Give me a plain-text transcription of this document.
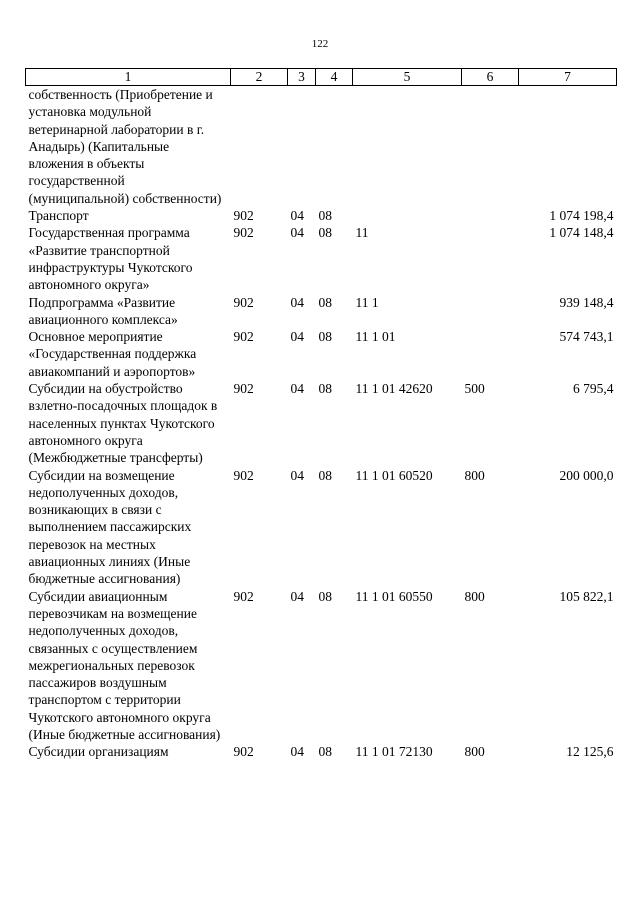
122
1	2	3	4	5	6	7
собственность (Приобретение и установка модульной ветеринарной лаборатории в г. Анадырь) (Капитальные вложения в объекты государственной (муниципальной) собственности)						
Транспорт	902	04	08			1 074 198,4
Государственная программа «Развитие транспортной инфраструктуры Чукотского автономного округа»	902	04	08	11		1 074 148,4
Подпрограмма «Развитие авиационного комплекса»	902	04	08	11 1		939 148,4
Основное мероприятие «Государственная поддержка авиакомпаний и аэропортов»	902	04	08	11 1 01		574 743,1
Субсидии на обустройство взлетно-посадочных площадок в населенных пунктах Чукотского автономного округа (Межбюджетные трансферты)	902	04	08	11 1 01 42620	500	6 795,4
Субсидии на возмещение недополученных доходов, возникающих в связи с выполнением пассажирских перевозок на местных авиационных линиях (Иные бюджетные ассигнования)	902	04	08	11 1 01 60520	800	200 000,0
Субсидии авиационным перевозчикам на возмещение недополученных доходов, связанных с осуществлением межрегиональных перевозок пассажиров воздушным транспортом с территории Чукотского автономного округа (Иные бюджетные ассигнования)	902	04	08	11 1 01 60550	800	105 822,1
Субсидии организациям	902	04	08	11 1 01 72130	800	12 125,6
